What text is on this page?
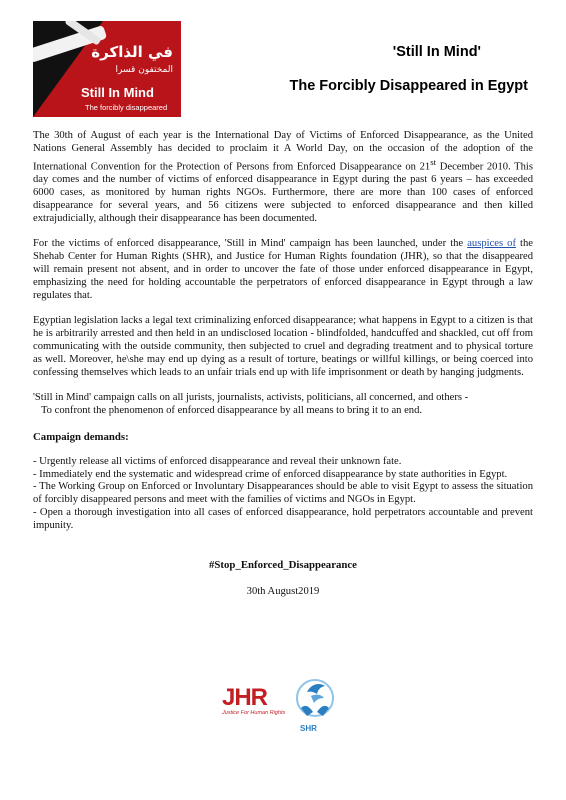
في الذاكرة
المختفون قسرا
Still In Mind
The forcibly disappeared
'Still In Mind'
The Forcibly Disappeared in Egypt

The 30th of August of each year is the International Day of Victims of Enforced Disappearance, as the United Nations General Assembly has decided to proclaim it A World Day, on the occasion of the adoption of the International Convention for the Protection of Persons from Enforced Disappearance on 21st December 2010. This day comes and the number of victims of enforced disappearance in Egypt during the past 6 years – has exceeded 6000 cases, as monitored by human rights NGOs. Furthermore, there are more than 100 cases of enforced disappearance for several years, and 56 citizens were subjected to enforced disappearance and then killed extrajudicially, although their disappearance has been documented.

For the victims of enforced disappearance, 'Still in Mind' campaign has been launched, under the auspices of the Shehab Center for Human Rights (SHR), and Justice for Human Rights foundation (JHR), so that the disappeared will remain present not absent, and in order to uncover the fate of those under enforced disappearance in Egypt, emphasizing the need for holding accountable the perpetrators of enforced disappearance in Egypt through a law regulates that.

Egyptian legislation lacks a legal text criminalizing enforced disappearance; what happens in Egypt to a citizen is that he is arbitrarily arrested and then held in an undisclosed location - blindfolded, handcuffed and shackled, cut off from communicating with the outside community, then subjected to cruel and degrading treatment and to physical torture as well. Moreover, he\she may end up dying as a result of torture, beatings or willful killings, or being coerced into confessing themselves which leads to an unfair trials end up with life imprisonment or death by hanging judgments.

'Still in Mind' campaign calls on all jurists, journalists, activists, politicians, all concerned, and others -
To confront the phenomenon of enforced disappearance by all means to bring it to an end.

Campaign demands:

- Urgently release all victims of enforced disappearance and reveal their unknown fate.

- Immediately end the systematic and widespread crime of enforced disappearance by state authorities in Egypt.

- The Working Group on Enforced or Involuntary Disappearances should be able to visit Egypt to assess the situation of forcibly disappeared persons and meet with the families of victims and NGOs in Egypt.

- Open a thorough investigation into all cases of enforced disappearance, hold perpetrators accountable and prevent impunity.

#Stop_Enforced_Disappearance
30th August2019
JHR
Justice For Human Rights
SHR
